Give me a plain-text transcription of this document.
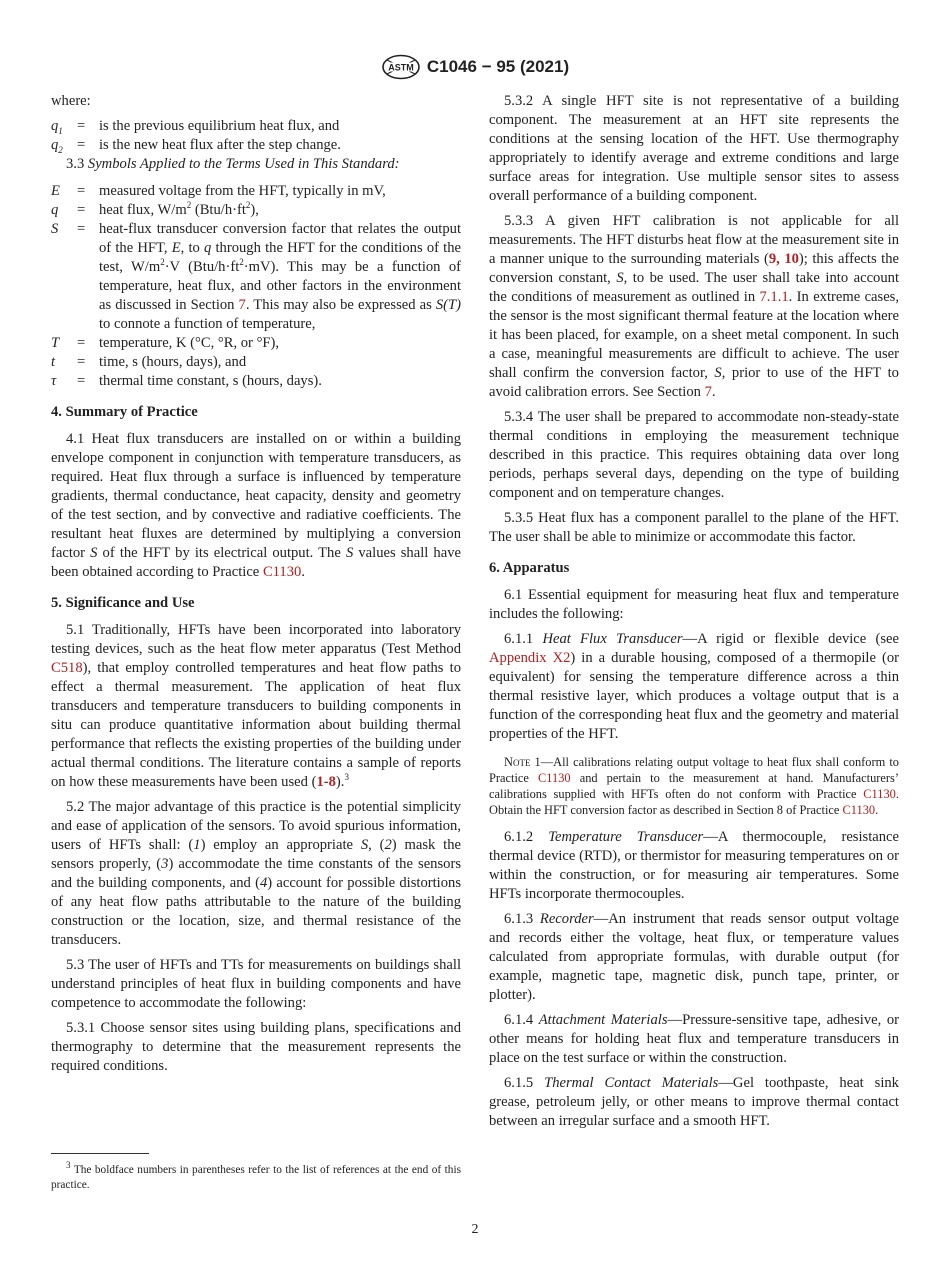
ASTM C1046 − 95 (2021)

where:

$q_1$	=	is the previous equilibrium heat flux, and
$q_2$	=	is the new heat flux after the step change.

3.3 Symbols Applied to the Terms Used in This Standard:

E	=	measured voltage from the HFT, typically in mV,
q	=	heat flux, $W/m^2$ $(Btu/h\cdot ft^2)$,
S	=	heat-flux transducer conversion factor that relates the output of the HFT, E, to q through the HFT for the conditions of the test, $W/m^2\cdot V$ $(Btu/h\cdot ft^2\cdot mV)$. This may be a function of temperature, heat flux, and other factors in the environment as discussed in Section 7. This may also be expressed as S(T) to connote a function of temperature,
T	=	temperature, K (°C, °R, or °F),
t	=	time, s (hours, days), and
τ	=	thermal time constant, s (hours, days).
4. Summary of Practice

4.1 Heat flux transducers are installed on or within a building envelope component in conjunction with temperature transducers, as required. Heat flux through a surface is influenced by temperature gradients, thermal conductance, heat capacity, density and geometry of the test section, and by convective and radiative coefficients. The resultant heat fluxes are determined by multiplying a conversion factor S of the HFT by its electrical output. The S values shall have been obtained according to Practice C1130.

5. Significance and Use

5.1 Traditionally, HFTs have been incorporated into laboratory testing devices, such as the heat flow meter apparatus (Test Method C518), that employ controlled temperatures and heat flow paths to effect a thermal measurement. The application of heat flux transducers and temperature transducers to building components in situ can produce quantitative information about building thermal performance that reflects the existing properties of the building under actual thermal conditions. The literature contains a sample of reports on how these measurements have been used (1-8).$^3$

5.2 The major advantage of this practice is the potential simplicity and ease of application of the sensors. To avoid spurious information, users of HFTs shall: (1) employ an appropriate S, (2) mask the sensors properly, (3) accommodate the time constants of the sensors and the building components, and (4) account for possible distortions of any heat flow paths attributable to the nature of the building construction or the location, size, and thermal resistance of the transducers.

5.3 The user of HFTs and TTs for measurements on buildings shall understand principles of heat flux in building components and have competence to accommodate the following:

5.3.1 Choose sensor sites using building plans, specifications and thermography to determine that the measurement represents the required conditions.

$^3$ The boldface numbers in parentheses refer to the list of references at the end of this practice.

5.3.2 A single HFT site is not representative of a building component. The measurement at an HFT site represents the conditions at the sensing location of the HFT. Use thermography appropriately to identify average and extreme conditions and large surface areas for integration. Use multiple sensor sites to assess overall performance of a building component.

5.3.3 A given HFT calibration is not applicable for all measurements. The HFT disturbs heat flow at the measurement site in a manner unique to the surrounding materials (9, 10); this affects the conversion constant, S, to be used. The user shall take into account the conditions of measurement as outlined in 7.1.1. In extreme cases, the sensor is the most significant thermal feature at the location where it has been placed, for example, on a sheet metal component. In such a case, meaningful measurements are difficult to achieve. The user shall confirm the conversion factor, S, prior to use of the HFT to avoid calibration errors. See Section 7.

5.3.4 The user shall be prepared to accommodate non-steady-state thermal conditions in employing the measurement technique described in this practice. This requires obtaining data over long periods, perhaps several days, depending on the type of building component and on temperature changes.

5.3.5 Heat flux has a component parallel to the plane of the HFT. The user shall be able to minimize or accommodate this factor.

6. Apparatus

6.1 Essential equipment for measuring heat flux and temperature includes the following:

6.1.1 Heat Flux Transducer—A rigid or flexible device (see Appendix X2) in a durable housing, composed of a thermopile (or equivalent) for sensing the temperature difference across a thin thermal resistive layer, which produces a voltage output that is a function of the corresponding heat flux and the geometry and material properties of the HFT.

Note 1—All calibrations relating output voltage to heat flux shall conform to Practice C1130 and pertain to the measurement at hand. Manufacturers’ calibrations supplied with HFTs often do not conform with Practice C1130. Obtain the HFT conversion factor as described in Section 8 of Practice C1130.

6.1.2 Temperature Transducer—A thermocouple, resistance thermal device (RTD), or thermistor for measuring temperatures on or within the construction, or for measuring air temperatures. Some HFTs incorporate thermocouples.

6.1.3 Recorder—An instrument that reads sensor output voltage and records either the voltage, heat flux, or temperature values calculated from appropriate formulas, with durable output (for example, magnetic tape, magnetic disk, punch tape, printer, or plotter).

6.1.4 Attachment Materials—Pressure-sensitive tape, adhesive, or other means for holding heat flux and temperature transducers in place on the test surface or within the construction.

6.1.5 Thermal Contact Materials—Gel toothpaste, heat sink grease, petroleum jelly, or other means to improve thermal contact between an irregular surface and a smooth HFT.

2
